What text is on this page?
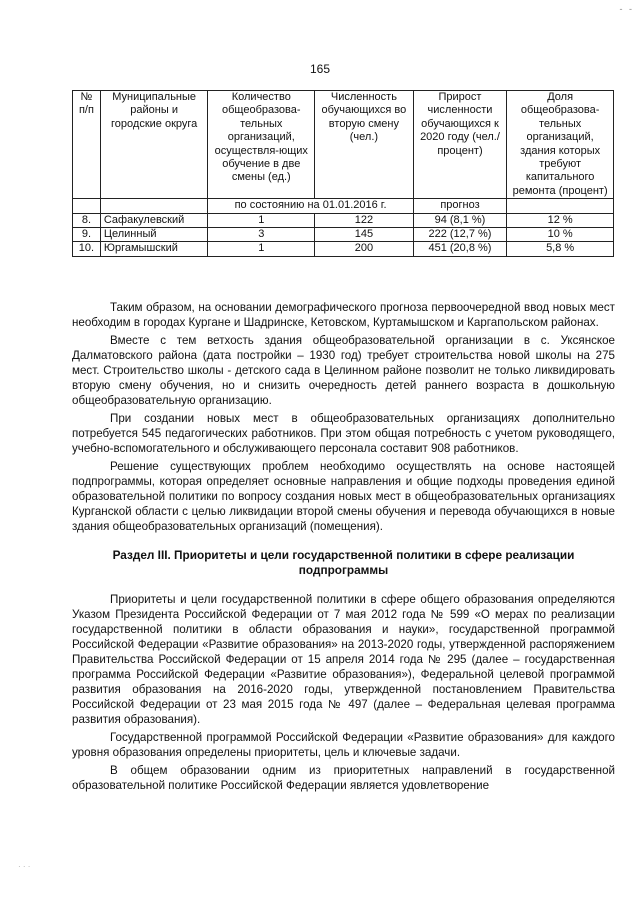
- -
165
№ п/п	Муниципальные районы и городские округа	Количество общеобразова-тельных организаций, осуществля-ющих обучение в две смены (ед.)	Численность обучающихся во вторую смену (чел.)	Прирост численности обучающихся к 2020 году (чел./процент)	Доля общеобразова-тельных организаций, здания которых требуют капитального ремонта (процент)
		по состоянию на 01.01.2016 г.		прогноз	
8.	Сафакулевский	1	122	94 (8,1 %)	12 %
9.	Целинный	3	145	222 (12,7 %)	10 %
10.	Юргамышский	1	200	451 (20,8 %)	5,8 %

Таким образом, на основании демографического прогноза первоочередной ввод новых мест необходим в городах Кургане и Шадринске, Кетовском, Куртамышском и Каргапольском районах.

Вместе с тем ветхость здания общеобразовательной организации в с. Уксянское Далматовского района (дата постройки – 1930 год) требует строительства новой школы на 275 мест. Строительство школы - детского сада в Целинном районе позволит не только ликвидировать вторую смену обучения, но и снизить очередность детей раннего возраста в дошкольную общеобразовательную организацию.

При создании новых мест в общеобразовательных организациях дополнительно потребуется 545 педагогических работников. При этом общая потребность с учетом руководящего, учебно-вспомогательного и обслуживающего персонала составит 908 работников.

Решение существующих проблем необходимо осуществлять на основе настоящей подпрограммы, которая определяет основные направления и общие подходы проведения единой образовательной политики по вопросу создания новых мест в общеобразовательных организациях Курганской области с целью ликвидации второй смены обучения и перевода обучающихся в новые здания общеобразовательных организаций (помещения).

Раздел III. Приоритеты и цели государственной политики в сфере реализации подпрограммы

Приоритеты и цели государственной политики в сфере общего образования определяются Указом Президента Российской Федерации от 7 мая 2012 года № 599 «О мерах по реализации государственной политики в области образования и науки», государственной программой Российской Федерации «Развитие образования» на 2013-2020 годы, утвержденной распоряжением Правительства Российской Федерации от 15 апреля 2014 года № 295 (далее – государственная программа Российской Федерации «Развитие образования»), Федеральной целевой программой развития образования на 2016-2020 годы, утвержденной постановлением Правительства Российской Федерации от 23 мая 2015 года № 497 (далее – Федеральная целевая программа развития образования).

Государственной программой Российской Федерации «Развитие образования» для каждого уровня образования определены приоритеты, цель и ключевые задачи.

В общем образовании одним из приоритетных направлений в государственной образовательной политике Российской Федерации является удовлетворение

· · ·
